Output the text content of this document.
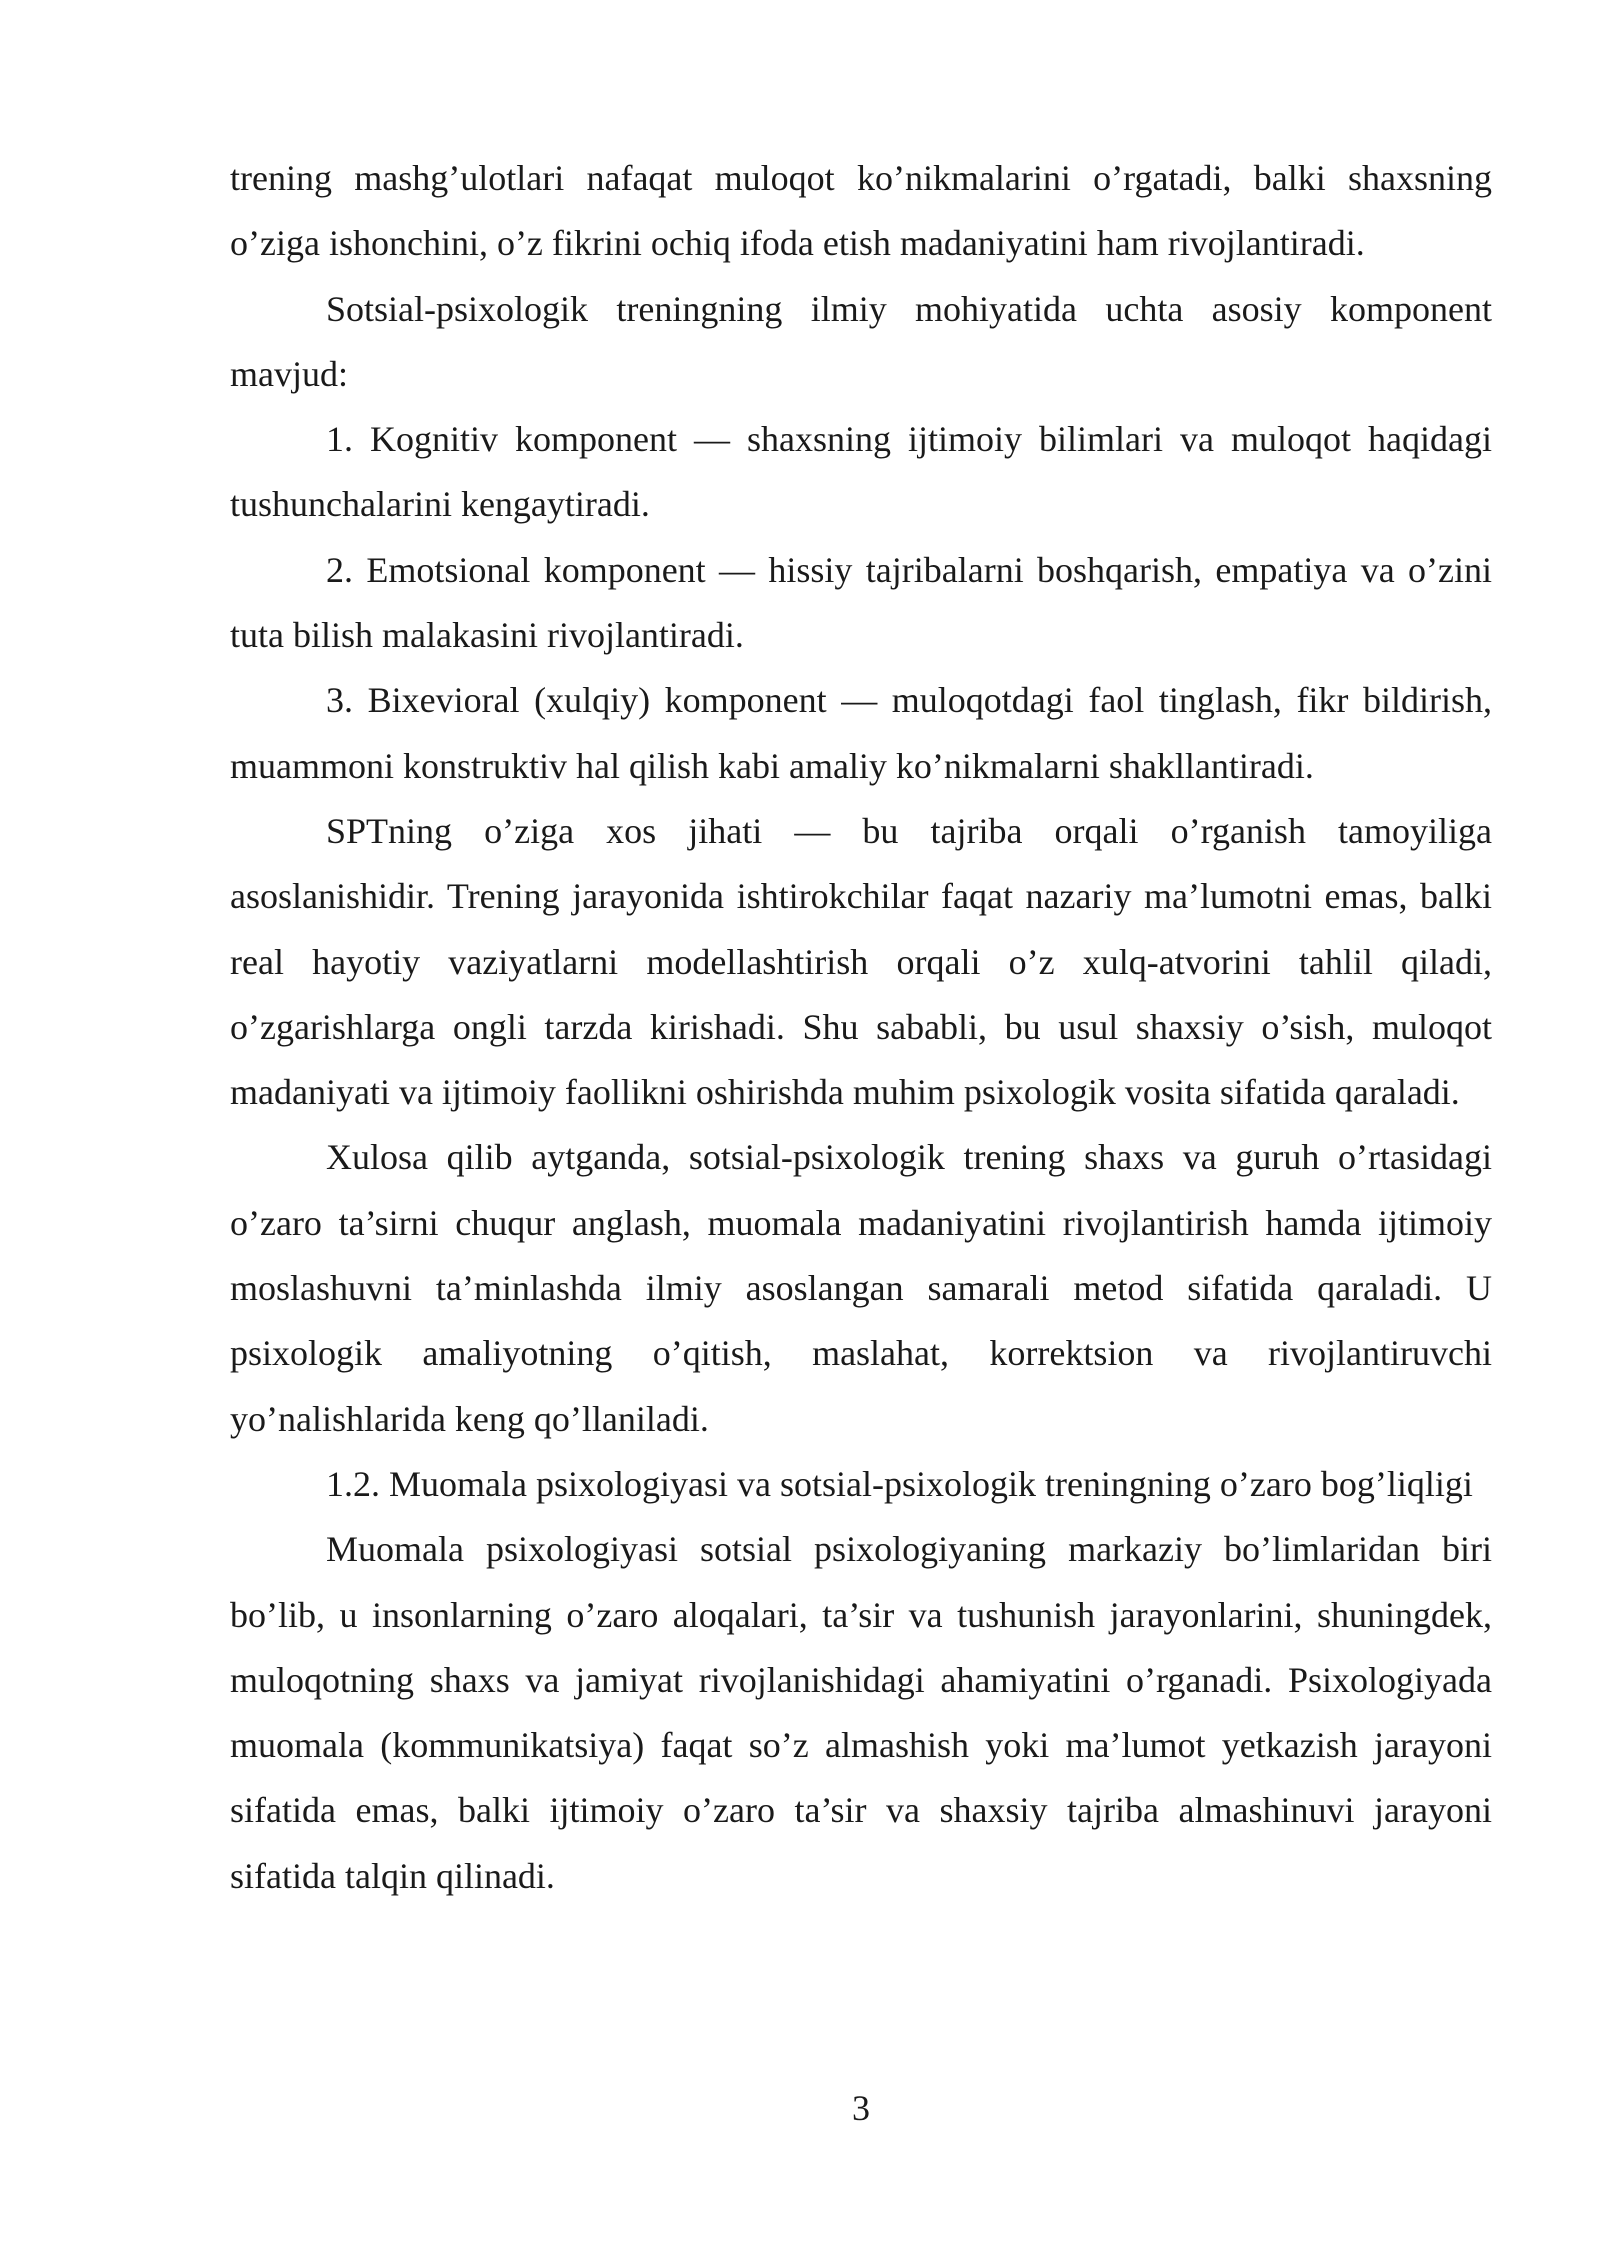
trening mashg’ulotlari nafaqat muloqot ko’nikmalarini o’rgatadi, balki shaxsning o’ziga ishonchini, o’z fikrini ochiq ifoda etish madaniyatini ham rivojlantiradi.

Sotsial-psixologik treningning ilmiy mohiyatida uchta asosiy komponent mavjud:

1. Kognitiv komponent — shaxsning ijtimoiy bilimlari va muloqot haqidagi tushunchalarini kengaytiradi.

2. Emotsional komponent — hissiy tajribalarni boshqarish, empatiya va o’zini tuta bilish malakasini rivojlantiradi.

3. Bixevioral (xulqiy) komponent — muloqotdagi faol tinglash, fikr bildirish, muammoni konstruktiv hal qilish kabi amaliy ko’nikmalarni shakllantiradi.

SPTning o’ziga xos jihati — bu tajriba orqali o’rganish tamoyiliga asoslanishidir. Trening jarayonida ishtirokchilar faqat nazariy ma’lumotni emas, balki real hayotiy vaziyatlarni modellashtirish orqali o’z xulq-atvorini tahlil qiladi, o’zgarishlarga ongli tarzda kirishadi. Shu sababli, bu usul shaxsiy o’sish, muloqot madaniyati va ijtimoiy faollikni oshirishda muhim psixologik vosita sifatida qaraladi.

Xulosa qilib aytganda, sotsial-psixologik trening shaxs va guruh o’rtasidagi o’zaro ta’sirni chuqur anglash, muomala madaniyatini rivojlantirish hamda ijtimoiy moslashuvni ta’minlashda ilmiy asoslangan samarali metod sifatida qaraladi. U psixologik amaliyotning o’qitish, maslahat, korrektsion va rivojlantiruvchi yo’nalishlarida keng qo’llaniladi.

1.2. Muomala psixologiyasi va sotsial-psixologik treningning o’zaro bog’liqligi

Muomala psixologiyasi sotsial psixologiyaning markaziy bo’limlaridan biri bo’lib, u insonlarning o’zaro aloqalari, ta’sir va tushunish jarayonlarini, shuningdek, muloqotning shaxs va jamiyat rivojlanishidagi ahamiyatini o’rganadi. Psixologiyada muomala (kommunikatsiya) faqat so’z almashish yoki ma’lumot yetkazish jarayoni sifatida emas, balki ijtimoiy o’zaro ta’sir va shaxsiy tajriba almashinuvi jarayoni sifatida talqin qilinadi.

3
